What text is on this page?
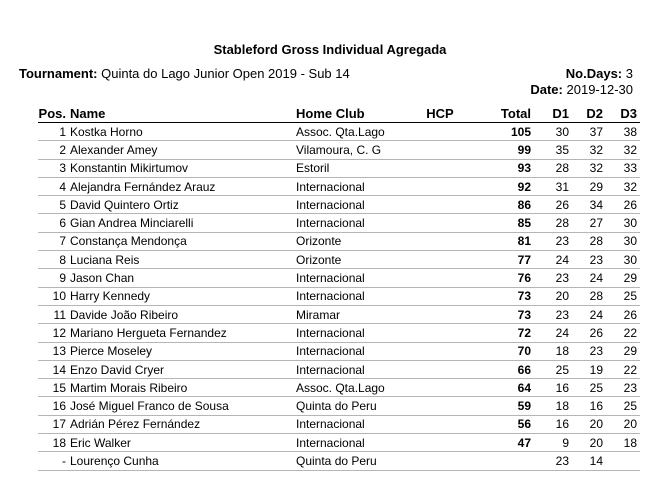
Stableford Gross Individual Agregada
Tournament: Quinta do Lago Junior Open 2019 - Sub 14	No.Days: 3
Date: 2019-12-30
Pos.	Name	Home Club	HCP	Total	D1	D2	D3
1	Kostka Horno	Assoc. Qta.Lago		105	30	37	38
2	Alexander Amey	Vilamoura, C. G		99	35	32	32
3	Konstantin Mikirtumov	Estoril		93	28	32	33
4	Alejandra Fernández Arauz	Internacional		92	31	29	32
5	David Quintero Ortiz	Internacional		86	26	34	26
6	Gian Andrea Minciarelli	Internacional		85	28	27	30
7	Constança Mendonça	Orizonte		81	23	28	30
8	Luciana Reis	Orizonte		77	24	23	30
9	Jason Chan	Internacional		76	23	24	29
10	Harry Kennedy	Internacional		73	20	28	25
11	Davide João Ribeiro	Miramar		73	23	24	26
12	Mariano Hergueta Fernandez	Internacional		72	24	26	22
13	Pierce Moseley	Internacional		70	18	23	29
14	Enzo David Cryer	Internacional		66	25	19	22
15	Martim Morais Ribeiro	Assoc. Qta.Lago		64	16	25	23
16	José Miguel Franco de Sousa	Quinta do Peru		59	18	16	25
17	Adrián Pérez Fernández	Internacional		56	16	20	20
18	Eric Walker	Internacional		47	9	20	18
-	Lourenço Cunha	Quinta do Peru			23	14	
